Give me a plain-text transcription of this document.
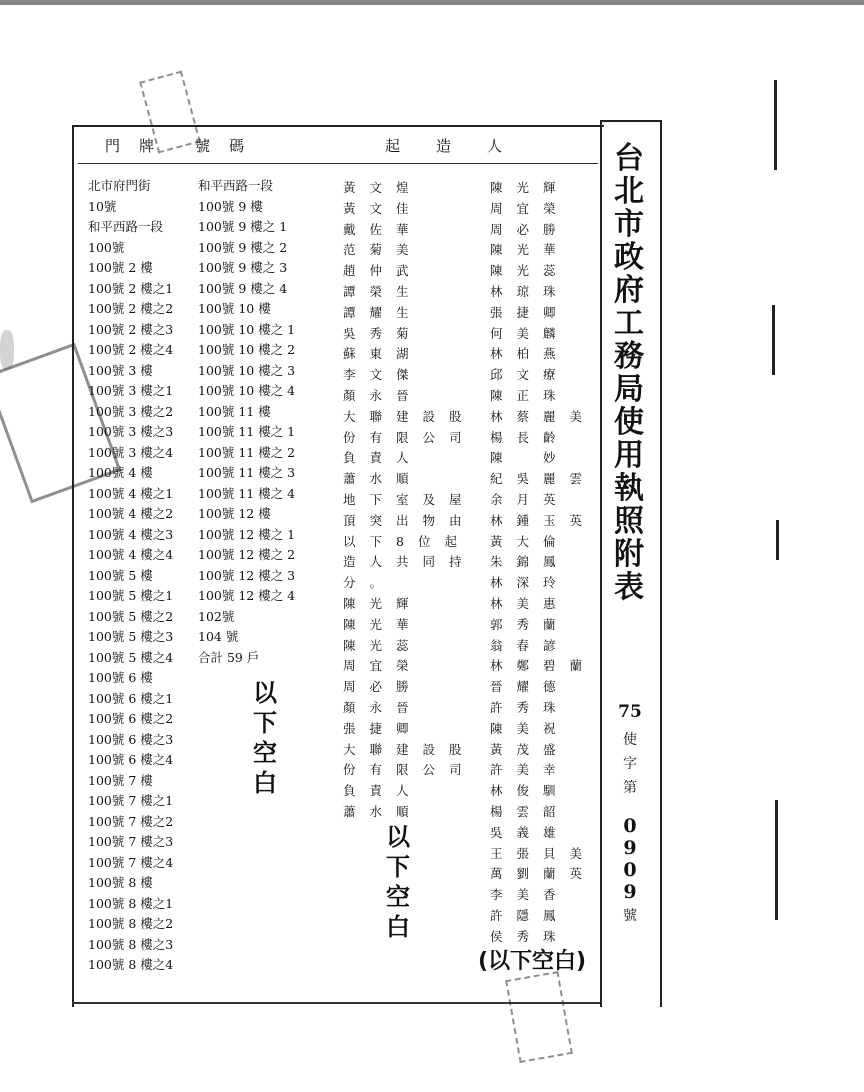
門　牌	號　碼	起　　造　　人
北市府門街
10號
和平西路一段
100號
100號 2 樓
100號 2 樓之1
100號 2 樓之2
100號 2 樓之3
100號 2 樓之4
100號 3 樓
100號 3 樓之1
100號 3 樓之2
100號 3 樓之3
100號 3 樓之4
100號 4 樓
100號 4 樓之1
100號 4 樓之2
100號 4 樓之3
100號 4 樓之4
100號 5 樓
100號 5 樓之1
100號 5 樓之2
100號 5 樓之3
100號 5 樓之4
100號 6 樓
100號 6 樓之1
100號 6 樓之2
100號 6 樓之3
100號 6 樓之4
100號 7 樓
100號 7 樓之1
100號 7 樓之2
100號 7 樓之3
100號 7 樓之4
100號 8 樓
100號 8 樓之1
100號 8 樓之2
100號 8 樓之3
100號 8 樓之4
和平西路一段
100號 9 樓
100號 9 樓之 1
100號 9 樓之 2
100號 9 樓之 3
100號 9 樓之 4
100號 10 樓
100號 10 樓之 1
100號 10 樓之 2
100號 10 樓之 3
100號 10 樓之 4
100號 11 樓
100號 11 樓之 1
100號 11 樓之 2
100號 11 樓之 3
100號 11 樓之 4
100號 12 樓
100號 12 樓之 1
100號 12 樓之 2
100號 12 樓之 3
100號 12 樓之 4
102號
104 號
合計 59 戶
黃文煌
黃文佳
戴佐華
范菊美
趙仲武
譚榮生
譚耀生
吳秀菊
蘇東湖
李文傑
顏永晉
大聯建設股
份有限公司
負責人
蕭水順
地下室及屋
頂突出物由
以下8位起
造人共同持
分。
陳光輝
陳光華
陳光蕊
周宜榮
周必勝
顏永晉
張捷卿
大聯建設股
份有限公司
負責人
蕭水順
陳光輝
周宜榮
周必勝
陳光華
陳光蕊
林琼珠
張捷卿
何美麟
林柏燕
邱文療
陳正珠
林蔡麗美
楊長齡
陳　妙
紀吳麗雲
余月英
林鍾玉英
黃大倫
朱錦鳳
林深玲
林美惠
郭秀蘭
翁春諺
林鄭碧蘭
晉耀德
許秀珠
陳美祝
黃茂盛
許美幸
林俊馴
楊雲韶
吳義雄
王張貝美
萬劉蘭英
李美香
許隱鳳
侯秀珠
以
下
空
白
以
下
空
白
(以下空白)
台
北
市
政
府
工
務
局
使
用
執
照
附
表
75
使字第
0909
號
